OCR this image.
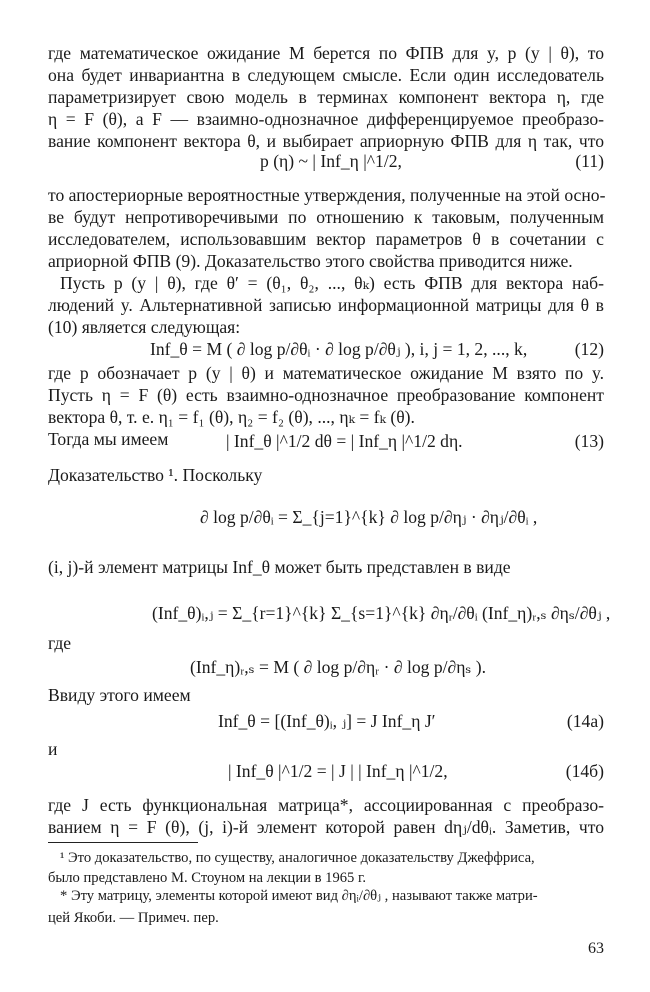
где математическое ожидание M берется по ФПВ для y, p (y | θ), то
она будет инвариантна в следующем смысле. Если один исследователь
параметризирует свою модель в терминах компонент вектора η, где
η = F (θ), а F — взаимно-однозначное дифференцируемое преобразо-
вание компонент вектора θ, и выбирает априорную ФПВ для η так, что
p (η) ~ | Inf_η |^1/2,	(11)
то апостериорные вероятностные утверждения, полученные на этой осно-
ве будут непротиворечивыми по отношению к таковым, полученным
исследователем, использовавшим вектор параметров θ в сочетании с
априорной ФПВ (9). Доказательство этого свойства приводится ниже.
Пусть p (y | θ), где θ′ = (θ₁, θ₂, ..., θₖ) есть ФПВ для вектора наб-
людений y. Альтернативной записью информационной матрицы для θ в
(10) является следующая:
Inf_θ = M ( ∂ log p/∂θᵢ · ∂ log p/∂θⱼ ), i, j = 1, 2, ..., k,	(12)
где p обозначает p (y | θ) и математическое ожидание M взято по y.
Пусть η = F (θ) есть взаимно-однозначное преобразование компонент
вектора θ, т. е. η₁ = f₁ (θ), η₂ = f₂ (θ), ..., ηₖ = fₖ (θ).
Тогда мы имеем	| Inf_θ |^1/2 dθ = | Inf_η |^1/2 dη.	(13)
Доказательство ¹. Поскольку
∂ log p/∂θᵢ = Σ_{j=1}^{k} ∂ log p/∂ηⱼ · ∂ηⱼ/∂θᵢ ,
(i, j)-й элемент матрицы Inf_θ может быть представлен в виде
(Inf_θ)ᵢ,ⱼ = Σ_{r=1}^{k} Σ_{s=1}^{k} ∂ηᵣ/∂θᵢ (Inf_η)ᵣ,ₛ ∂ηₛ/∂θⱼ ,
где
(Inf_η)ᵣ,ₛ = M ( ∂ log p/∂ηᵣ · ∂ log p/∂ηₛ ).
Ввиду этого имеем
Inf_θ = [(Inf_θ)ᵢ, ⱼ] = J Inf_η J′	(14а)
и
| Inf_θ |^1/2 = | J | | Inf_η |^1/2,	(14б)
где J есть функциональная матрица*, ассоциированная с преобразо-
ванием η = F (θ), (j, i)-й элемент которой равен dηⱼ/dθᵢ. Заметив, что
¹ Это доказательство, по существу, аналогичное доказательству Джеффриса,
было представлено М. Стоуном на лекции в 1965 г.
* Эту матрицу, элементы которой имеют вид ∂ηᵢ/∂θⱼ , называют также матри-
цей Якоби. — Примеч. пер.
63
